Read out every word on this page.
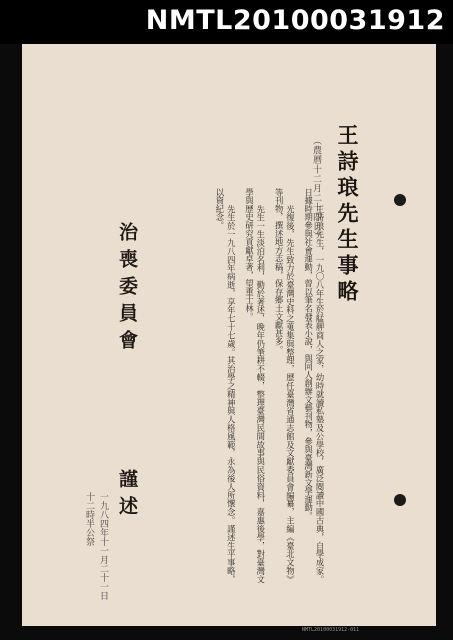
NMTL20100031912
王詩琅先生事略
（農曆十二月二十四日）

王詩琅先生，一九〇八年生於艋舺商人之家，幼時就讀私塾及公學校，廣泛閱讀中國古典，自學成家。日據時期參與社會運動，曾以筆名發表小說，與同人創辦文藝刊物，參與臺灣新文學運動。

光復後，先生致力於臺灣史料之蒐集與整理，歷任臺灣省通志館及文獻委員會編纂，主編《臺北文物》等刊物，撰述地方志稿，保存鄉土文獻甚多。

先生一生淡泊名利，勤於著述，晚年仍筆耕不輟，整理臺灣民間故事與民俗資料，嘉惠後學，對臺灣文學與歷史研究貢獻卓著，望重士林。

先生於一九八四年病逝，享年七十七歲。其治學之精神與人格風範，永為後人所懷念。謹述生平事略，以資紀念。

治喪委員會
謹述
一九八四年十一月二十一日
十二時半公祭
NMTL20100031912-011
